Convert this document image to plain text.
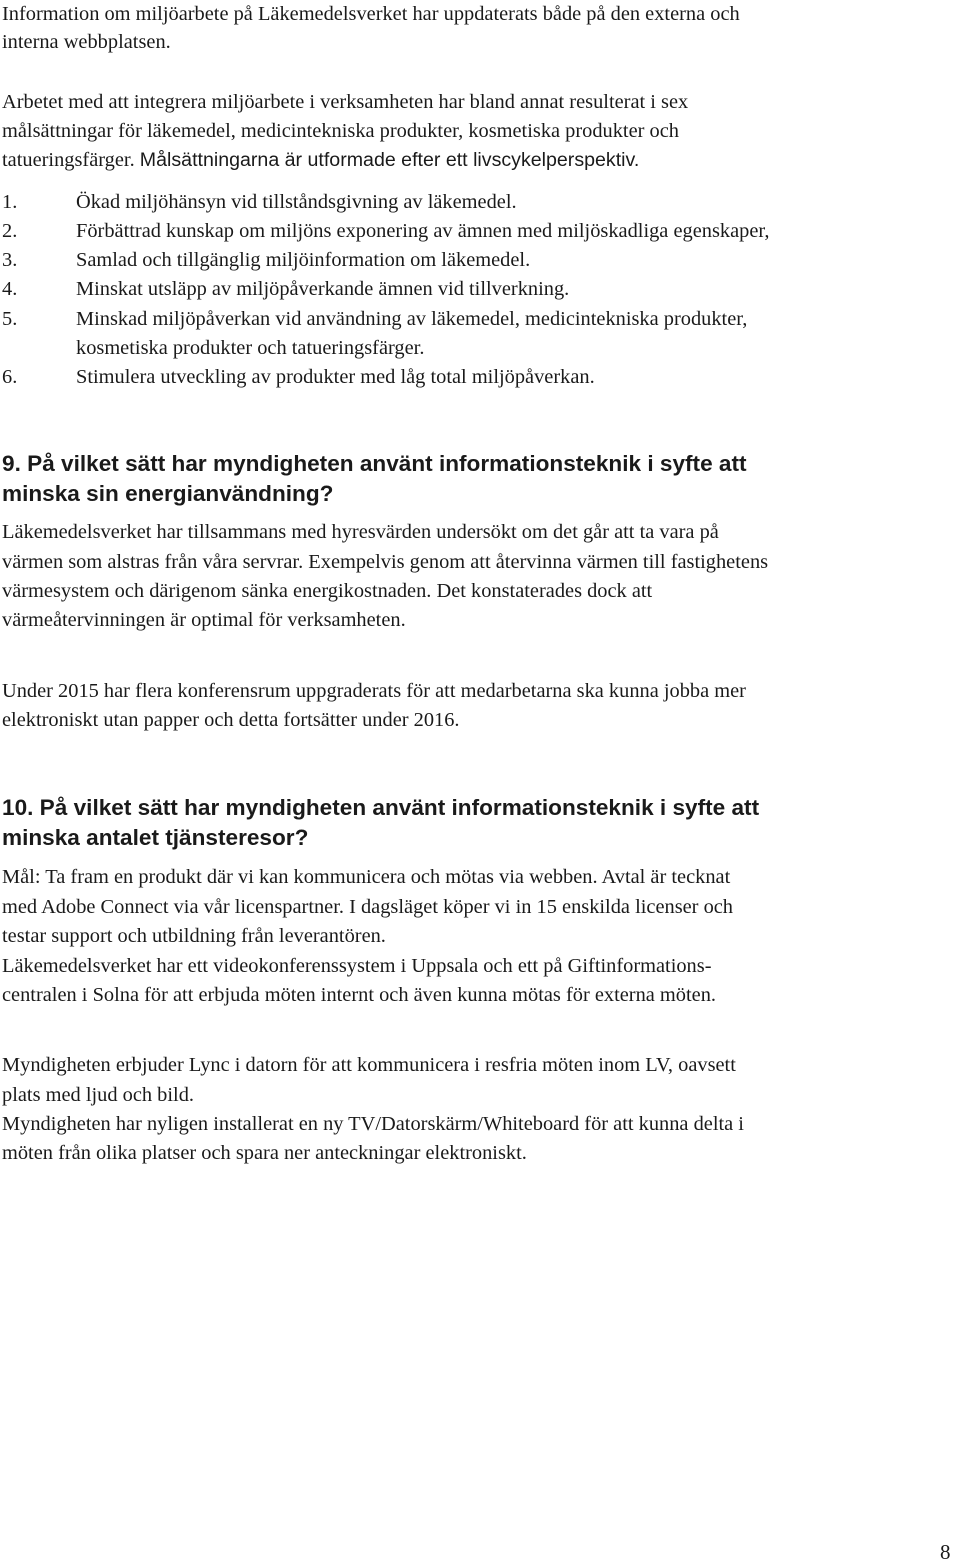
Information om miljöarbete på Läkemedelsverket har uppdaterats både på den externa och
interna webbplatsen.
Arbetet med att integrera miljöarbete i verksamheten har bland annat resulterat i sex
målsättningar för läkemedel, medicintekniska produkter, kosmetiska produkter och
tatueringsfärger. Målsättningarna är utformade efter ett livscykelperspektiv.
1.	Ökad miljöhänsyn vid tillståndsgivning av läkemedel.
2.	Förbättrad kunskap om miljöns exponering av ämnen med miljöskadliga egenskaper,
3.	Samlad och tillgänglig miljöinformation om läkemedel.
4.	Minskat utsläpp av miljöpåverkande ämnen vid tillverkning.
5.	Minskad miljöpåverkan vid användning av läkemedel, medicintekniska produkter,
kosmetiska produkter och tatueringsfärger.
6.	Stimulera utveckling av produkter med låg total miljöpåverkan.
9. På vilket sätt har myndigheten använt informationsteknik i syfte att
minska sin energianvändning?
Läkemedelsverket har tillsammans med hyresvärden undersökt om det går att ta vara på
värmen som alstras från våra servrar. Exempelvis genom att återvinna värmen till fastighetens
värmesystem och därigenom sänka energikostnaden. Det konstaterades dock att
värmeåtervinningen är optimal för verksamheten.
Under 2015 har flera konferensrum uppgraderats för att medarbetarna ska kunna jobba mer
elektroniskt utan papper och detta fortsätter under 2016.
10. På vilket sätt har myndigheten använt informationsteknik i syfte att
minska antalet tjänsteresor?
Mål: Ta fram en produkt där vi kan kommunicera och mötas via webben. Avtal är tecknat
med Adobe Connect via vår licenspartner. I dagsläget köper vi in 15 enskilda licenser och
testar support och utbildning från leverantören.
Läkemedelsverket har ett videokonferenssystem i Uppsala och ett på Giftinformations-
centralen i Solna för att erbjuda möten internt och även kunna mötas för externa möten.
Myndigheten erbjuder Lync i datorn för att kommunicera i resfria möten inom LV, oavsett
plats med ljud och bild.
Myndigheten har nyligen installerat en ny TV/Datorskärm/Whiteboard för att kunna delta i
möten från olika platser och spara ner anteckningar elektroniskt.
8
